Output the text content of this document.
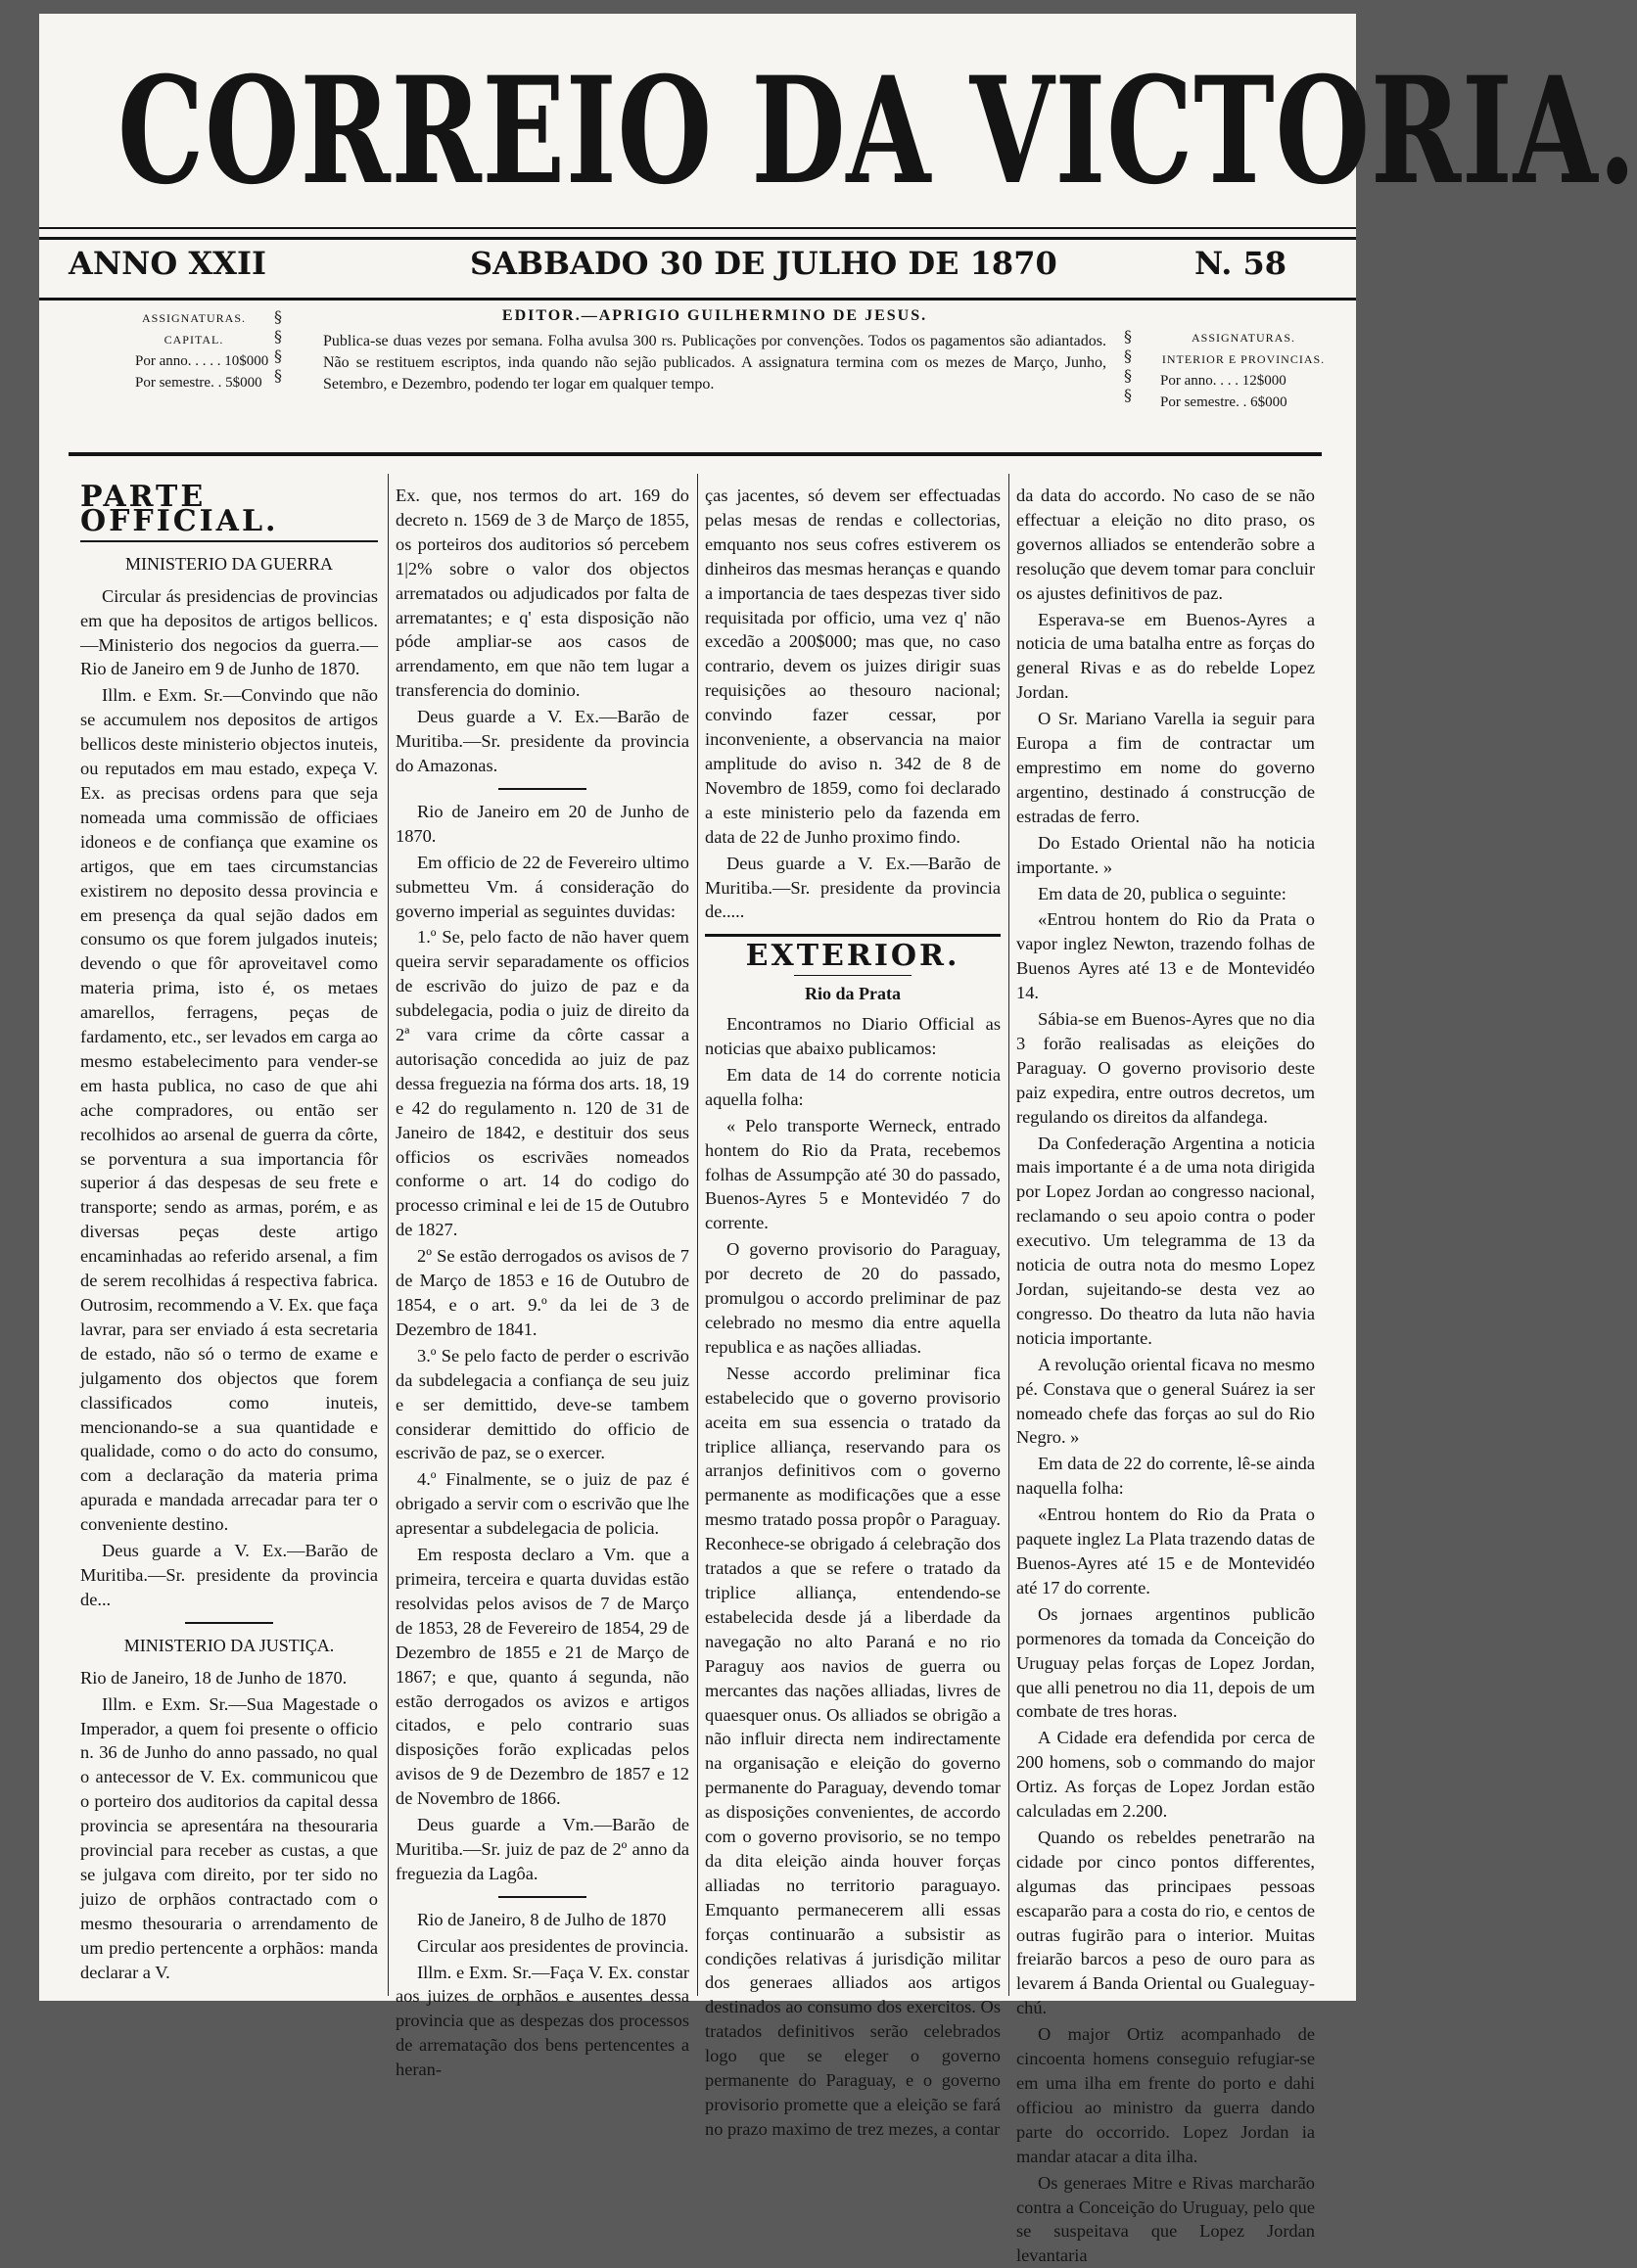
CORREIO DA VICTORIA.
ANNO XXII	SABBADO 30 DE JULHO DE 1870	N. 58
ASSIGNATURAS.
CAPITAL.
Por anno. . . . . 10$000
Por semestre. . 5$000
§
§
§
§
EDITOR.—APRIGIO GUILHERMINO DE JESUS.
Publica-se duas vezes por semana. Folha avulsa 300 rs. Publicações por convenções. Todos os pagamentos são adiantados. Não se restituem escriptos, inda quando não sejão publicados. A assignatura termina com os mezes de Março, Junho, Setembro, e Dezembro, podendo ter logar em qualquer tempo.
§
§
§
§
ASSIGNATURAS.
INTERIOR E PROVINCIAS.
Por anno. . . . 12$000
Por semestre. . 6$000
PARTE OFFICIAL.
MINISTERIO DA GUERRA

Circular ás presidencias de provincias em que ha depositos de artigos bellicos. —Ministerio dos negocios da guerra.—Rio de Janeiro em 9 de Junho de 1870.

Illm. e Exm. Sr.—Convindo que não se accumulem nos depositos de artigos bellicos deste ministerio objectos inuteis, ou reputados em mau estado, expeça V. Ex. as precisas ordens para que seja nomeada uma commissão de officiaes idoneos e de confiança que examine os artigos, que em taes circumstancias existirem no deposito dessa provincia e em presença da qual sejão dados em consumo os que forem julgados inuteis; devendo o que fôr aproveitavel como materia prima, isto é, os metaes amarellos, ferragens, peças de fardamento, etc., ser levados em carga ao mesmo estabelecimento para vender-se em hasta publica, no caso de que ahi ache compradores, ou então ser recolhidos ao arsenal de guerra da côrte, se porventura a sua importancia fôr superior á das despesas de seu frete e transporte; sendo as armas, porém, e as diversas peças deste artigo encaminhadas ao referido arsenal, a fim de serem recolhidas á respectiva fabrica. Outrosim, recommendo a V. Ex. que faça lavrar, para ser enviado á esta secretaria de estado, não só o termo de exame e julgamento dos objectos que forem classificados como inuteis, mencionando-se a sua quantidade e qualidade, como o do acto do consumo, com a declaração da materia prima apurada e mandada arrecadar para ter o conveniente destino.

Deus guarde a V. Ex.—Barão de Muritiba.—Sr. presidente da provincia de...

MINISTERIO DA JUSTIÇA.

Rio de Janeiro, 18 de Junho de 1870.

Illm. e Exm. Sr.—Sua Magestade o Imperador, a quem foi presente o officio n. 36 de Junho do anno passado, no qual o antecessor de V. Ex. communicou que o porteiro dos auditorios da capital dessa provincia se apresentára na thesouraria provincial para receber as custas, a que se julgava com direito, por ter sido no juizo de orphãos contractado com o mesmo thesouraria o arrendamento de um predio pertencente a orphãos: manda declarar a V.

Ex. que, nos termos do art. 169 do decreto n. 1569 de 3 de Março de 1855, os porteiros dos auditorios só percebem 1|2% sobre o valor dos objectos arrematados ou adjudicados por falta de arrematantes; e q' esta disposição não póde ampliar-se aos casos de arrendamento, em que não tem lugar a transferencia do dominio.

Deus guarde a V. Ex.—Barão de Muritiba.—Sr. presidente da provincia do Amazonas.

Rio de Janeiro em 20 de Junho de 1870.

Em officio de 22 de Fevereiro ultimo submetteu Vm. á consideração do governo imperial as seguintes duvidas:

1.º Se, pelo facto de não haver quem queira servir separadamente os officios de escrivão do juizo de paz e da subdelegacia, podia o juiz de direito da 2ª vara crime da côrte cassar a autorisação concedida ao juiz de paz dessa freguezia na fórma dos arts. 18, 19 e 42 do regulamento n. 120 de 31 de Janeiro de 1842, e destituir dos seus officios os escrivães nomeados conforme o art. 14 do codigo do processo criminal e lei de 15 de Outubro de 1827.

2º Se estão derrogados os avisos de 7 de Março de 1853 e 16 de Outubro de 1854, e o art. 9.º da lei de 3 de Dezembro de 1841.

3.º Se pelo facto de perder o escrivão da subdelegacia a confiança de seu juiz e ser demittido, deve-se tambem considerar demittido do officio de escrivão de paz, se o exercer.

4.º Finalmente, se o juiz de paz é obrigado a servir com o escrivão que lhe apresentar a subdelegacia de policia.

Em resposta declaro a Vm. que a primeira, terceira e quarta duvidas estão resolvidas pelos avisos de 7 de Março de 1853, 28 de Fevereiro de 1854, 29 de Dezembro de 1855 e 21 de Março de 1867; e que, quanto á segunda, não estão derrogados os avizos e artigos citados, e pelo contrario suas disposições forão explicadas pelos avisos de 9 de Dezembro de 1857 e 12 de Novembro de 1866.

Deus guarde a Vm.—Barão de Muritiba.—Sr. juiz de paz de 2º anno da freguezia da Lagôa.

Rio de Janeiro, 8 de Julho de 1870

Circular aos presidentes de provincia.

Illm. e Exm. Sr.—Faça V. Ex. constar aos juizes de orphãos e ausentes dessa provincia que as despezas dos processos de arrematação dos bens pertencentes a heran-

ças jacentes, só devem ser effectuadas pelas mesas de rendas e collectorias, emquanto nos seus cofres estiverem os dinheiros das mesmas heranças e quando a importancia de taes despezas tiver sido requisitada por officio, uma vez q' não excedão a 200$000; mas que, no caso contrario, devem os juizes dirigir suas requisições ao thesouro nacional; convindo fazer cessar, por inconveniente, a observancia na maior amplitude do aviso n. 342 de 8 de Novembro de 1859, como foi declarado a este ministerio pelo da fazenda em data de 22 de Junho proximo findo.

Deus guarde a V. Ex.—Barão de Muritiba.—Sr. presidente da provincia de.....

EXTERIOR.
Rio da Prata

Encontramos no Diario Official as noticias que abaixo publicamos:

Em data de 14 do corrente noticia aquella folha:

« Pelo transporte Werneck, entrado hontem do Rio da Prata, recebemos folhas de Assumpção até 30 do passado, Buenos-Ayres 5 e Montevidéo 7 do corrente.

O governo provisorio do Paraguay, por decreto de 20 do passado, promulgou o accordo preliminar de paz celebrado no mesmo dia entre aquella republica e as nações alliadas.

Nesse accordo preliminar fica estabelecido que o governo provisorio aceita em sua essencia o tratado da triplice alliança, reservando para os arranjos definitivos com o governo permanente as modificações que a esse mesmo tratado possa propôr o Paraguay. Reconhece-se obrigado á celebração dos tratados a que se refere o tratado da triplice alliança, entendendo-se estabelecida desde já a liberdade da navegação no alto Paraná e no rio Paraguy aos navios de guerra ou mercantes das nações alliadas, livres de quaesquer onus. Os alliados se obrigão a não influir directa nem indirectamente na organisação e eleição do governo permanente do Paraguay, devendo tomar as disposições convenientes, de accordo com o governo provisorio, se no tempo da dita eleição ainda houver forças alliadas no territorio paraguayo. Emquanto permanecerem alli essas forças continuarão a subsistir as condições relativas á jurisdição militar dos generaes alliados aos artigos destinados ao consumo dos exercitos. Os tratados definitivos serão celebrados logo que se eleger o governo permanente do Paraguay, e o governo provisorio promette que a eleição se fará no prazo maximo de trez mezes, a contar

da data do accordo. No caso de se não effectuar a eleição no dito praso, os governos alliados se entenderão sobre a resolução que devem tomar para concluir os ajustes definitivos de paz.

Esperava-se em Buenos-Ayres a noticia de uma batalha entre as forças do general Rivas e as do rebelde Lopez Jordan.

O Sr. Mariano Varella ia seguir para Europa a fim de contractar um emprestimo em nome do governo argentino, destinado á construcção de estradas de ferro.

Do Estado Oriental não ha noticia importante. »

Em data de 20, publica o seguinte:

«Entrou hontem do Rio da Prata o vapor inglez Newton, trazendo folhas de Buenos Ayres até 13 e de Montevidéo 14.

Sábia-se em Buenos-Ayres que no dia 3 forão realisadas as eleições do Paraguay. O governo provisorio deste paiz expedira, entre outros decretos, um regulando os direitos da alfandega.

Da Confederação Argentina a noticia mais importante é a de uma nota dirigida por Lopez Jordan ao congresso nacional, reclamando o seu apoio contra o poder executivo. Um telegramma de 13 da noticia de outra nota do mesmo Lopez Jordan, sujeitando-se desta vez ao congresso. Do theatro da luta não havia noticia importante.

A revolução oriental ficava no mesmo pé. Constava que o general Suárez ia ser nomeado chefe das forças ao sul do Rio Negro. »

Em data de 22 do corrente, lê-se ainda naquella folha:

«Entrou hontem do Rio da Prata o paquete inglez La Plata trazendo datas de Buenos-Ayres até 15 e de Montevidéo até 17 do corrente.

Os jornaes argentinos publicão pormenores da tomada da Conceição do Uruguay pelas forças de Lopez Jordan, que alli penetrou no dia 11, depois de um combate de tres horas.

A Cidade era defendida por cerca de 200 homens, sob o commando do major Ortiz. As forças de Lopez Jordan estão calculadas em 2.200.

Quando os rebeldes penetrarão na cidade por cinco pontos differentes, algumas das principaes pessoas escaparão para a costa do rio, e centos de outras fugirão para o interior. Muitas freiarão barcos a peso de ouro para as levarem á Banda Oriental ou Gualeguay-chú.

O major Ortiz acompanhado de cincoenta homens conseguio refugiar-se em uma ilha em frente do porto e dahi officiou ao ministro da guerra dando parte do occorrido. Lopez Jordan ia mandar atacar a dita ilha.

Os generaes Mitre e Rivas marcharão contra a Conceição do Uruguay, pelo que se suspeitava que Lopez Jordan levantaria
